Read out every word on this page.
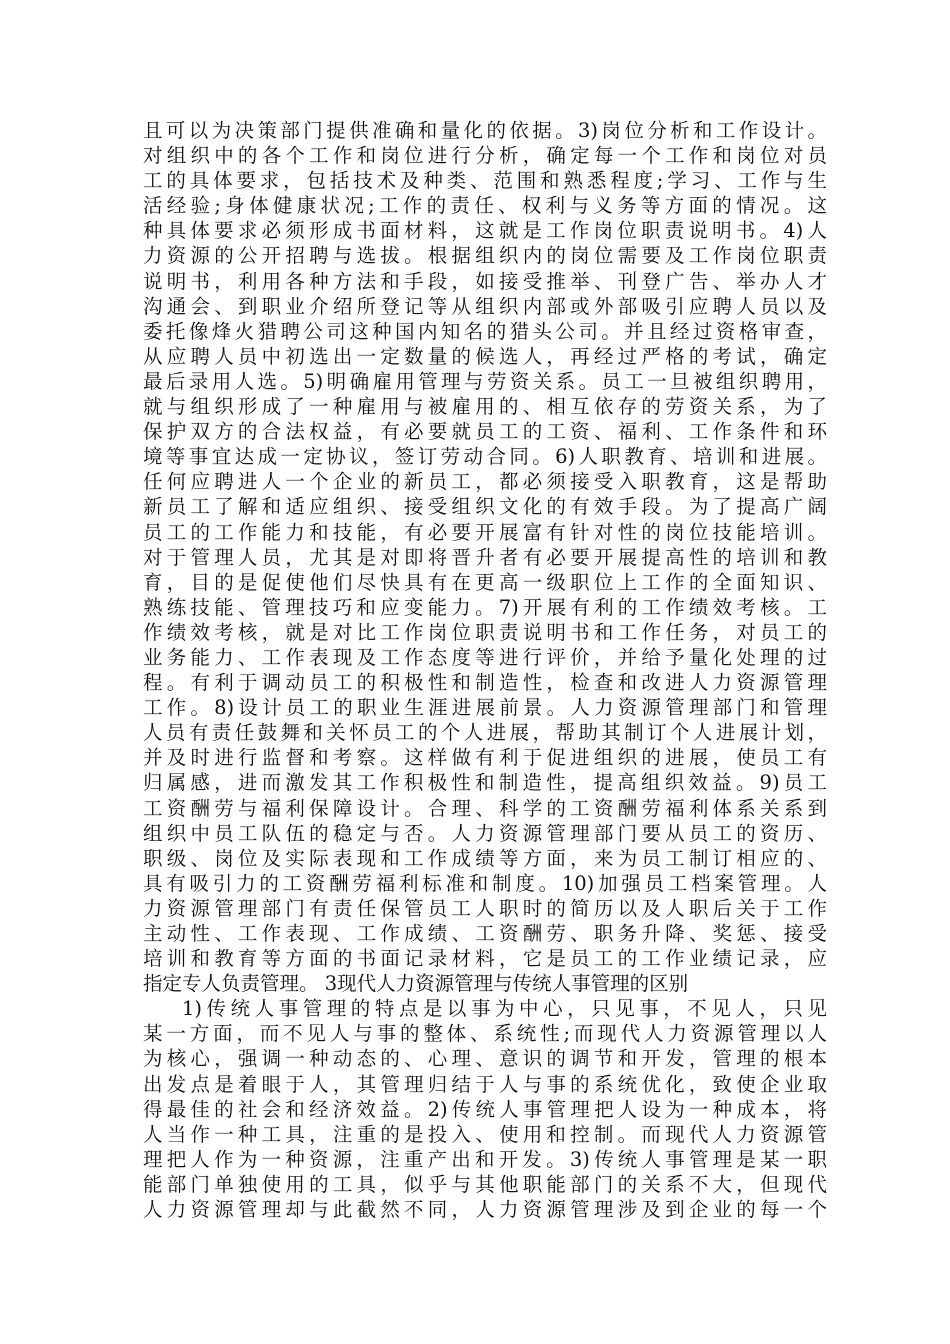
且可以为决策部门提供准确和量化的依据。3)岗位分析和工作设计。
对组织中的各个工作和岗位进行分析，确定每一个工作和岗位对员
工的具体要求，包括技术及种类、范围和熟悉程度;学习、工作与生
活经验;身体健康状况;工作的责任、权利与义务等方面的情况。这
种具体要求必须形成书面材料，这就是工作岗位职责说明书。4)人
力资源的公开招聘与选拔。根据组织内的岗位需要及工作岗位职责
说明书，利用各种方法和手段，如接受推举、刊登广告、举办人才
沟通会、到职业介绍所登记等从组织内部或外部吸引应聘人员以及
委托像烽火猎聘公司这种国内知名的猎头公司。并且经过资格审查，
从应聘人员中初选出一定数量的候选人，再经过严格的考试，确定
最后录用人选。5)明确雇用管理与劳资关系。员工一旦被组织聘用，
就与组织形成了一种雇用与被雇用的、相互依存的劳资关系，为了
保护双方的合法权益，有必要就员工的工资、福利、工作条件和环
境等事宜达成一定协议，签订劳动合同。6)人职教育、培训和进展。
任何应聘进人一个企业的新员工，都必须接受入职教育，这是帮助
新员工了解和适应组织、接受组织文化的有效手段。为了提高广阔
员工的工作能力和技能，有必要开展富有针对性的岗位技能培训。
对于管理人员，尤其是对即将晋升者有必要开展提高性的培训和教
育，目的是促使他们尽快具有在更高一级职位上工作的全面知识、
熟练技能、管理技巧和应变能力。7)开展有利的工作绩效考核。工
作绩效考核，就是对比工作岗位职责说明书和工作任务，对员工的
业务能力、工作表现及工作态度等进行评价，并给予量化处理的过
程。有利于调动员工的积极性和制造性，检查和改进人力资源管理
工作。8)设计员工的职业生涯进展前景。人力资源管理部门和管理
人员有责任鼓舞和关怀员工的个人进展，帮助其制订个人进展计划，
并及时进行监督和考察。这样做有利于促进组织的进展，使员工有
归属感，进而激发其工作积极性和制造性，提高组织效益。9)员工
工资酬劳与福利保障设计。合理、科学的工资酬劳福利体系关系到
组织中员工队伍的稳定与否。人力资源管理部门要从员工的资历、
职级、岗位及实际表现和工作成绩等方面，来为员工制订相应的、
具有吸引力的工资酬劳福利标准和制度。10)加强员工档案管理。人
力资源管理部门有责任保管员工人职时的简历以及人职后关于工作
主动性、工作表现、工作成绩、工资酬劳、职务升降、奖惩、接受
培训和教育等方面的书面记录材料，它是员工的工作业绩记录，应
指定专人负责管理。 3现代人力资源管理与传统人事管理的区别
1)传统人事管理的特点是以事为中心，只见事，不见人，只见
某一方面，而不见人与事的整体、系统性;而现代人力资源管理以人
为核心，强调一种动态的、心理、意识的调节和开发，管理的根本
出发点是着眼于人，其管理归结于人与事的系统优化，致使企业取
得最佳的社会和经济效益。2)传统人事管理把人设为一种成本，将
人当作一种工具，注重的是投入、使用和控制。而现代人力资源管
理把人作为一种资源，注重产出和开发。3)传统人事管理是某一职
能部门单独使用的工具，似乎与其他职能部门的关系不大，但现代
人力资源管理却与此截然不同，人力资源管理涉及到企业的每一个
